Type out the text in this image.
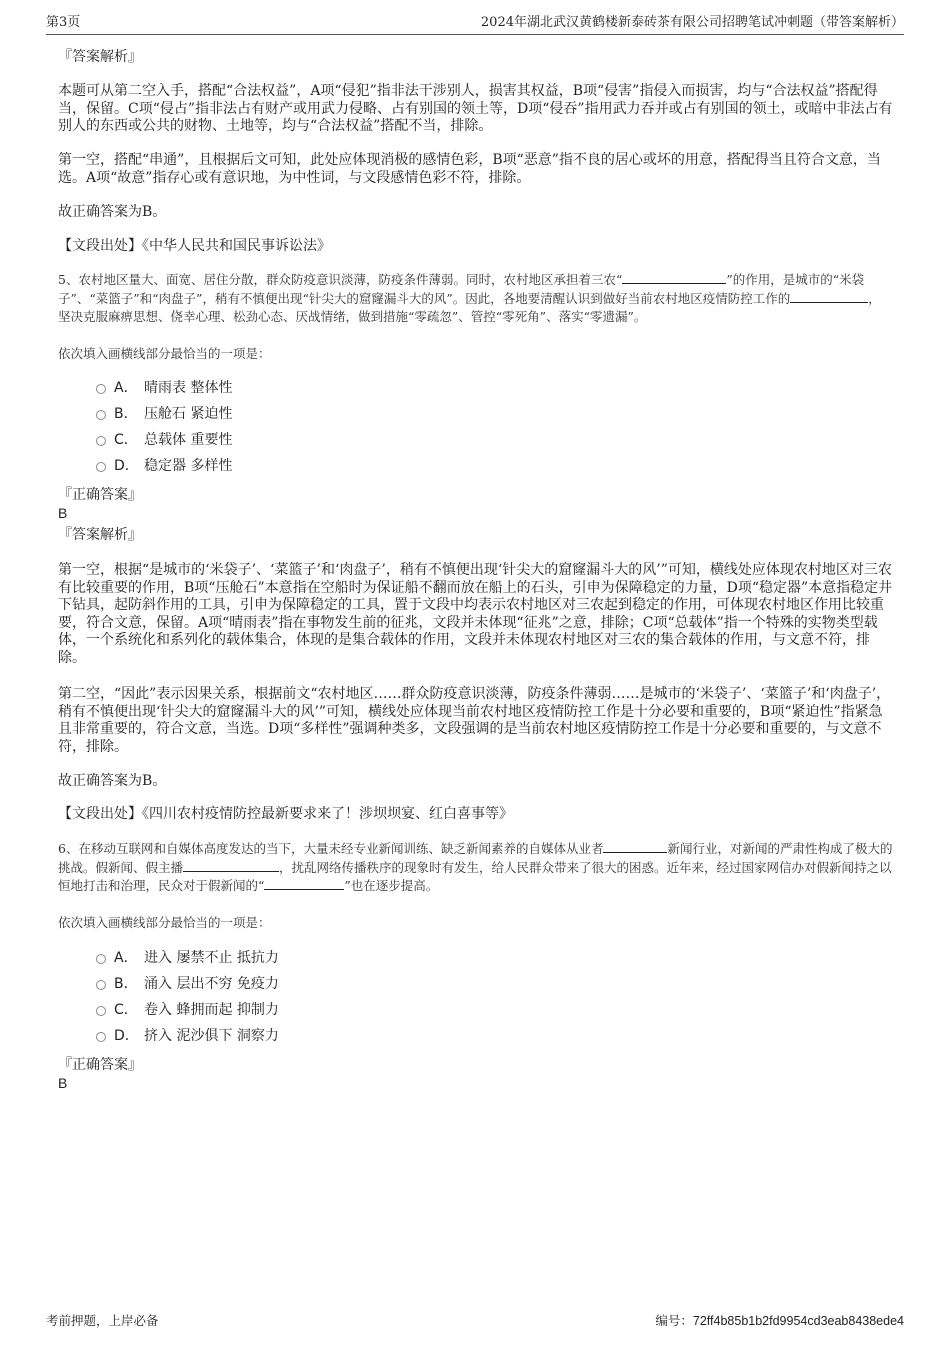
第3页	2024年湖北武汉黄鹤楼新泰砖茶有限公司招聘笔试冲刺题（带答案解析）

『答案解析』

本题可从第二空入手，搭配“合法权益”，A项“侵犯”指非法干涉别人，损害其权益，B项“侵害”指侵入而损害，均与“合法权益”搭配得当，保留。C项“侵占”指非法占有财产或用武力侵略、占有别国的领土等，D项“侵吞”指用武力吞并或占有别国的领土，或暗中非法占有别人的东西或公共的财物、土地等，均与“合法权益”搭配不当，排除。

第一空，搭配“串通”，且根据后文可知，此处应体现消极的感情色彩，B项“恶意”指不良的居心或坏的用意，搭配得当且符合文意，当选。A项“故意”指存心或有意识地，为中性词，与文段感情色彩不符，排除。

故正确答案为B。

【文段出处】《中华人民共和国民事诉讼法》

5、农村地区量大、面宽、居住分散，群众防疫意识淡薄，防疫条件薄弱。同时，农村地区承担着三农“	”的作用，是城市的“米袋子”、“菜篮子”和“肉盘子”，稍有不慎便出现“针尖大的窟窿漏斗大的风”。因此，各地要清醒认识到做好当前农村地区疫情防控工作的	，坚决克服麻痹思想、侥幸心理、松劲心态、厌战情绪，做到措施“零疏忽”、管控“零死角”、落实“零遗漏”。

依次填入画横线部分最恰当的一项是：

A． 晴雨表 整体性
B． 压舱石 紧迫性
C． 总载体 重要性
D． 稳定器 多样性

『正确答案』

B

『答案解析』

第一空，根据“是城市的‘米袋子’、‘菜篮子’和‘肉盘子’，稍有不慎便出现‘针尖大的窟窿漏斗大的风’”可知，横线处应体现农村地区对三农有比较重要的作用，B项“压舱石”本意指在空船时为保证船不翻而放在船上的石头，引申为保障稳定的力量，D项“稳定器”本意指稳定井下钻具，起防斜作用的工具，引申为保障稳定的工具，置于文段中均表示农村地区对三农起到稳定的作用，可体现农村地区作用比较重要，符合文意，保留。A项“晴雨表”指在事物发生前的征兆，文段并未体现“征兆”之意，排除；C项“总载体”指一个特殊的实物类型载体，一个系统化和系列化的载体集合，体现的是集合载体的作用，文段并未体现农村地区对三农的集合载体的作用，与文意不符，排除。

第二空，“因此”表示因果关系，根据前文“农村地区……群众防疫意识淡薄，防疫条件薄弱……是城市的‘米袋子’、‘菜篮子’和‘肉盘子’，稍有不慎便出现‘针尖大的窟窿漏斗大的风’”可知，横线处应体现当前农村地区疫情防控工作是十分必要和重要的，B项“紧迫性”指紧急且非常重要的，符合文意，当选。D项“多样性”强调种类多，文段强调的是当前农村地区疫情防控工作是十分必要和重要的，与文意不符，排除。

故正确答案为B。

【文段出处】《四川农村疫情防控最新要求来了！涉坝坝宴、红白喜事等》

6、在移动互联网和自媒体高度发达的当下，大量未经专业新闻训练、缺乏新闻素养的自媒体从业者	新闻行业，对新闻的严肃性构成了极大的挑战。假新闻、假主播	，扰乱网络传播秩序的现象时有发生，给人民群众带来了很大的困惑。近年来，经过国家网信办对假新闻持之以恒地打击和治理，民众对于假新闻的“	”也在逐步提高。

依次填入画横线部分最恰当的一项是：

A． 进入 屡禁不止 抵抗力
B． 涌入 层出不穷 免疫力
C． 卷入 蜂拥而起 抑制力
D． 挤入 泥沙俱下 洞察力

『正确答案』

B

考前押题，上岸必备	编号：72ff4b85b1b2fd9954cd3eab8438ede4
